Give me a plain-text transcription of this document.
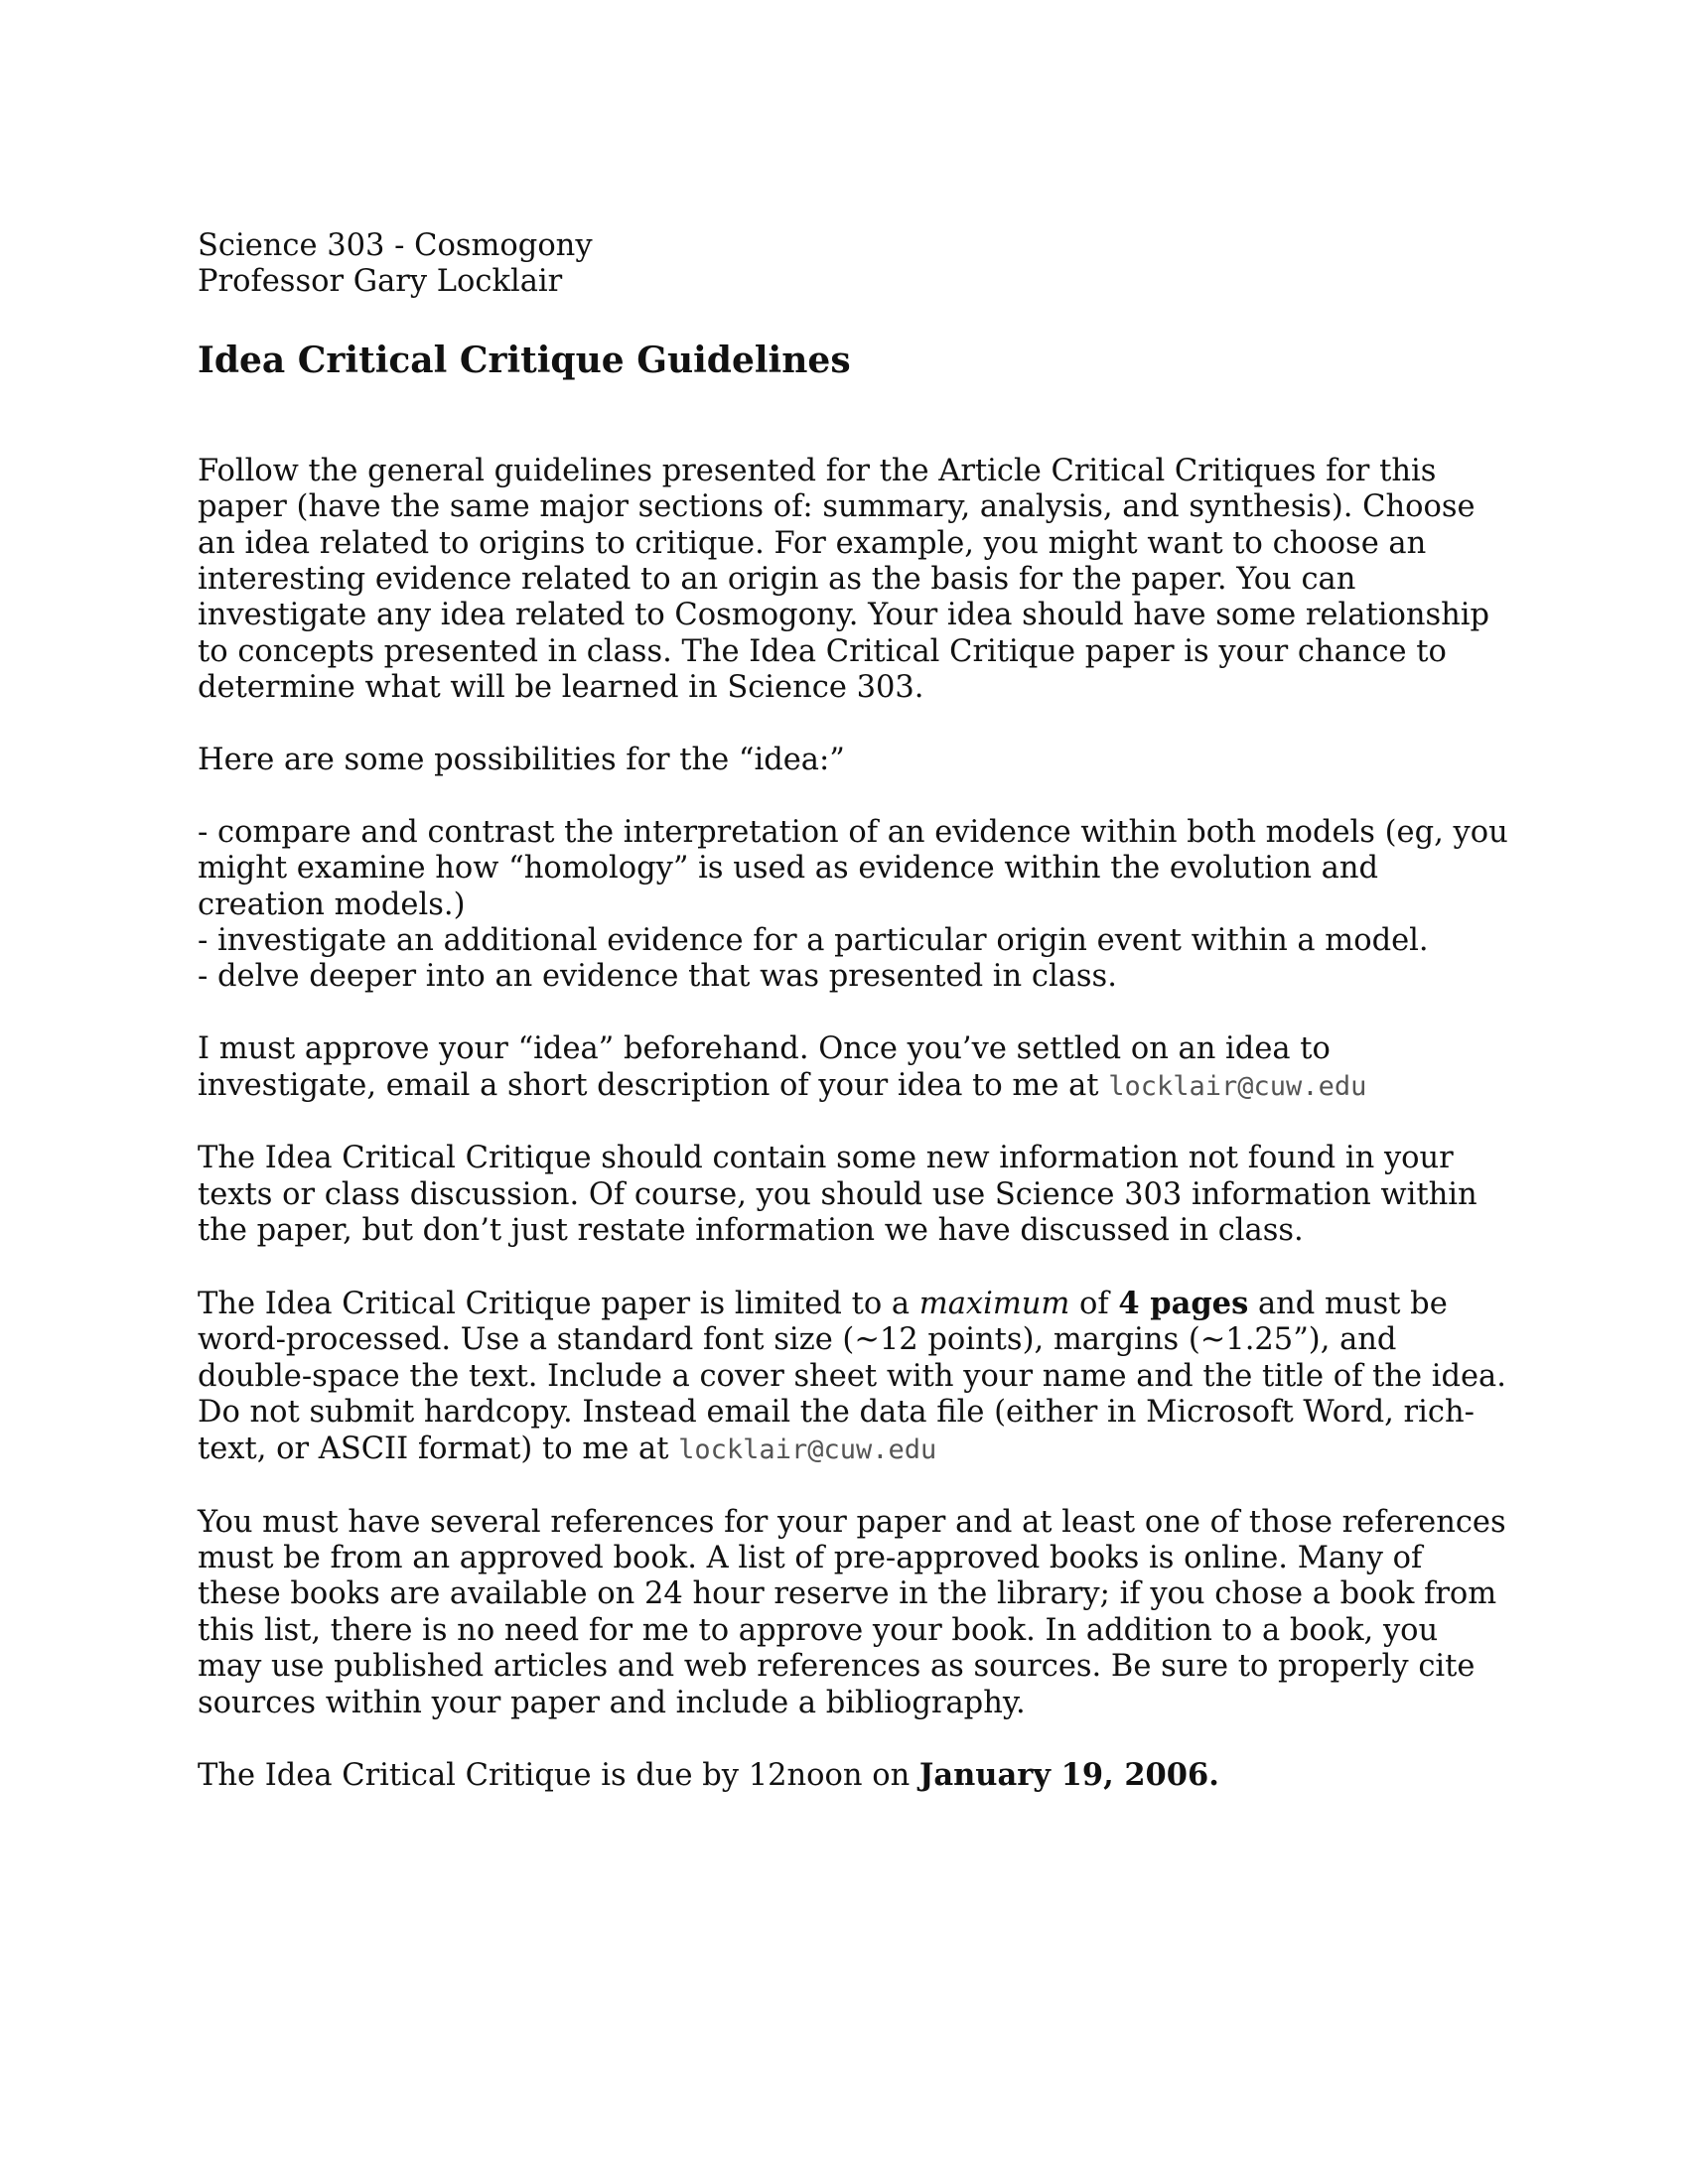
Science 303 - Cosmogony
Professor Gary Locklair
Idea Critical Critique Guidelines

Follow the general guidelines presented for the Article Critical Critiques for this paper (have the same major sections of: summary, analysis, and synthesis). Choose an idea related to origins to critique. For example, you might want to choose an interesting evidence related to an origin as the basis for the paper. You can investigate any idea related to Cosmogony. Your idea should have some relationship to concepts presented in class. The Idea Critical Critique paper is your chance to determine what will be learned in Science 303.

Here are some possibilities for the “idea:”

- compare and contrast the interpretation of an evidence within both models (eg, you might examine how “homology” is used as evidence within the evolution and creation models.)
- investigate an additional evidence for a particular origin event within a model.
- delve deeper into an evidence that was presented in class.

I must approve your “idea” beforehand. Once you’ve settled on an idea to investigate, email a short description of your idea to me at locklair@cuw.edu

The Idea Critical Critique should contain some new information not found in your texts or class discussion. Of course, you should use Science 303 information within the paper, but don’t just restate information we have discussed in class.

The Idea Critical Critique paper is limited to a maximum of 4 pages and must be word-processed. Use a standard font size (~12 points), margins (~1.25”), and double-space the text. Include a cover sheet with your name and the title of the idea. Do not submit hardcopy. Instead email the data file (either in Microsoft Word, rich-text, or ASCII format) to me at locklair@cuw.edu

You must have several references for your paper and at least one of those references must be from an approved book. A list of pre-approved books is online. Many of these books are available on 24 hour reserve in the library; if you chose a book from this list, there is no need for me to approve your book. In addition to a book, you may use published articles and web references as sources. Be sure to properly cite sources within your paper and include a bibliography.

The Idea Critical Critique is due by 12noon on January 19, 2006.
